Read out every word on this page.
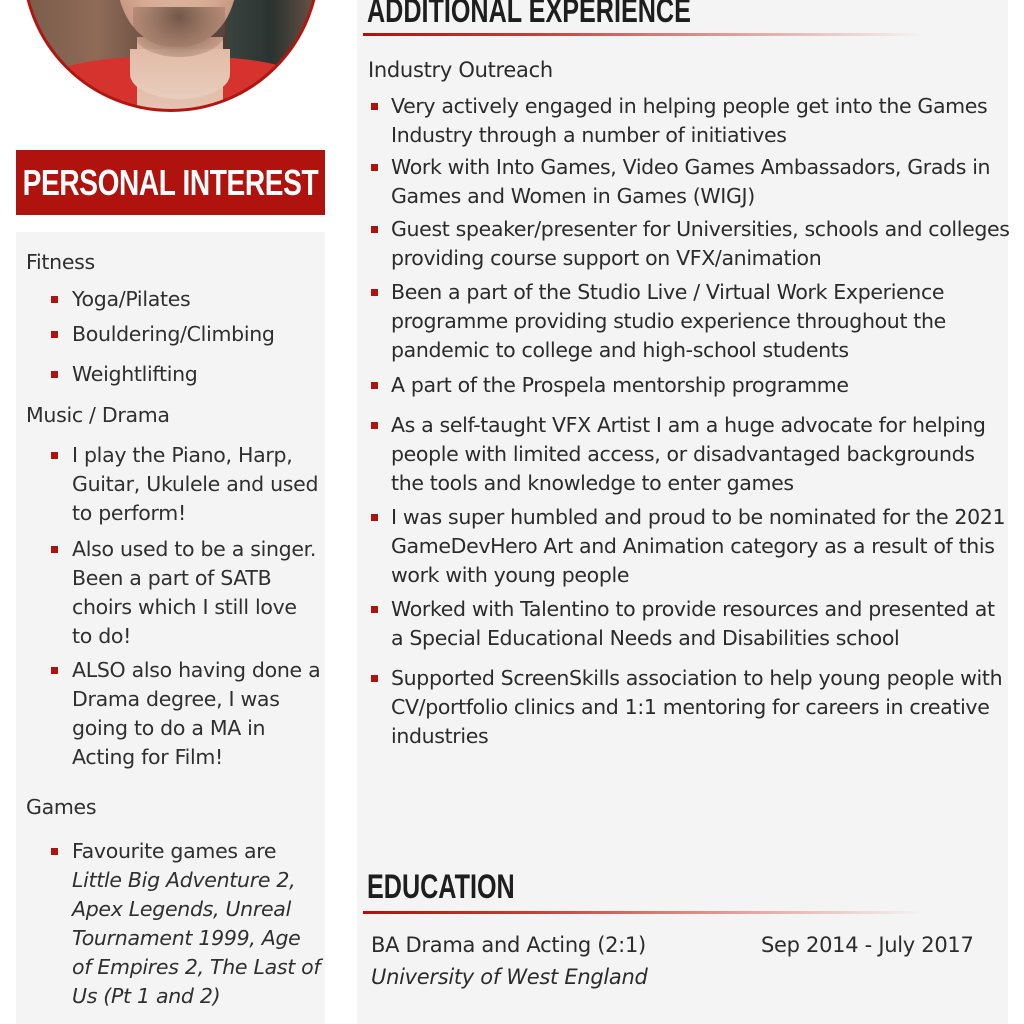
PERSONAL INTEREST
Fitness
Yoga/Pilates
Bouldering/Climbing
Weightlifting
Music / Drama
I play the Piano, Harp, Guitar, Ukulele and used to perform!
Also used to be a singer. Been a part of SATB choirs which I still love to do!
ALSO also having done a Drama degree, I was going to do a MA in Acting for Film!
Games
Favourite games are Little Big Adventure 2, Apex Legends, Unreal Tournament 1999, Age of Empires 2, The Last of Us (Pt 1 and 2)
ADDITIONAL EXPERIENCE
Industry Outreach
Very actively engaged in helping people get into the Games Industry through a number of initiatives
Work with Into Games, Video Games Ambassadors, Grads in Games and Women in Games (WIGJ)
Guest speaker/presenter for Universities, schools and colleges providing course support on VFX/animation
Been a part of the Studio Live / Virtual Work Experience programme providing studio experience throughout the pandemic to college and high-school students
A part of the Prospela mentorship programme
As a self-taught VFX Artist I am a huge advocate for helping people with limited access, or disadvantaged backgrounds the tools and knowledge to enter games
I was super humbled and proud to be nominated for the 2021 GameDevHero Art and Animation category as a result of this work with young people
Worked with Talentino to provide resources and presented at a Special Educational Needs and Disabilities school
Supported ScreenSkills association to help young people with CV/portfolio clinics and 1:1 mentoring for careers in creative industries
EDUCATION
BA Drama and Acting (2:1)	Sep 2014 - July 2017
University of West England
